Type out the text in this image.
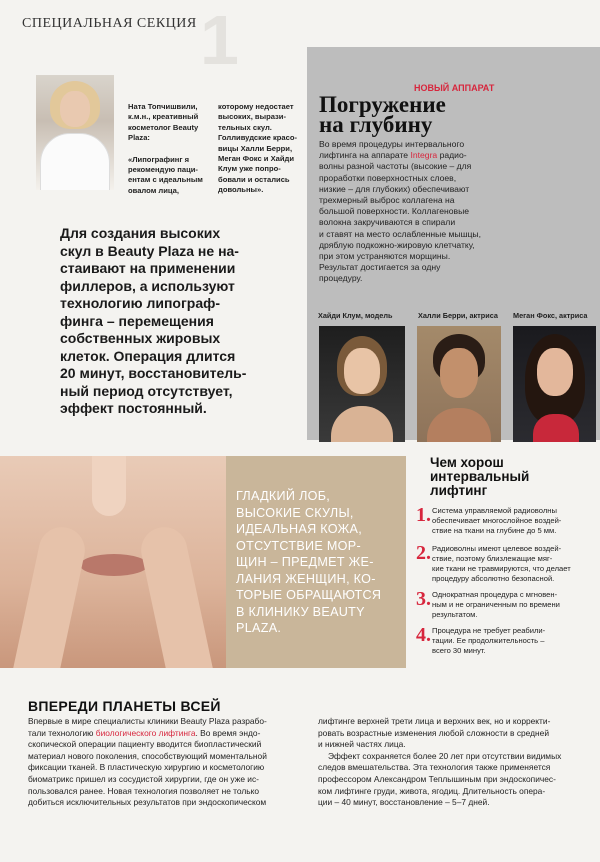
1
СПЕЦИАЛЬНАЯ СЕКЦИЯ
Ната Топчишвили,
к.м.н., креативный
косметолог Beauty
Plaza:
«Липографинг я
рекомендую паци-
ентам с идеальным
овалом лица,
которому недостает
высоких, вырази-
тельных скул.
Голливудские красо-
вицы Халли Берри,
Меган Фокс и Хайди
Клум уже попро-
бовали и остались
довольны».
Для создания высоких
скул в Beauty Plaza не на-
стаивают на применении
филлеров, а используют
технологию липограф-
финга – перемещения
собственных жировых
клеток. Операция длится
20 минут, восстановитель-
ный период отсутствует,
эффект постоянный.
НОВЫЙ АППАРАТ
Погружение
на глубину
Во время процедуры интервального
лифтинга на аппарате Integra радио-
волны разной частоты (высокие – для
проработки поверхностных слоев,
низкие – для глубоких) обеспечивают
трехмерный выброс коллагена на
большой поверхности. Коллагеновые
волокна закручиваются в спирали
и ставят на место ослабленные мышцы,
дряблую подкожно-жировую клетчатку,
при этом устраняются морщины.
Результат достигается за одну
процедуру.
Хайди Клум, модель	Халли Берри, актриса Меган Фокс, актриса
ГЛАДКИЙ ЛОБ,
ВЫСОКИЕ СКУЛЫ,
ИДЕАЛЬНАЯ КОЖА,
ОТСУТСТВИЕ МОР-
ЩИН – ПРЕДМЕТ ЖЕ-
ЛАНИЯ ЖЕНЩИН, КО-
ТОРЫЕ ОБРАЩАЮТСЯ
В КЛИНИКУ BEAUTY
PLAZA.
Чем хорош
интервальный
лифтинг
1. Система управляемой радиоволны
обеспечивает многослойное воздей-
ствие на ткани на глубине до 5 мм.
2. Радиоволны имеют целевое воздей-
ствие, поэтому близлежащие мяг-
кие ткани не травмируются, что делает
процедуру абсолютно безопасной.
3. Однократная процедура с мгновен-
ным и не ограниченным по времени
результатом.
4. Процедура не требует реабили-
тации. Ее продолжительность –
всего 30 минут.
ВПЕРЕДИ ПЛАНЕТЫ ВСЕЙ
Впервые в мире специалисты клиники Beauty Plaza разрабо-
тали технологию биологического лифтинга. Во время эндо-
скопической операции пациенту вводится биопластический
материал нового поколения, способствующий моментальной
фиксации тканей. В пластическую хирургию и косметологию
биоматрикс пришел из сосудистой хирургии, где он уже ис-
пользовался ранее. Новая технология позволяет не только
добиться исключительных результатов при эндоскопическом
лифтинге верхней трети лица и верхних век, но и корректи-
ровать возрастные изменения любой сложности в средней
и нижней частях лица.
Эффект сохраняется более 20 лет при отсутствии видимых
следов вмешательства. Эта технология также применяется
профессором Александром Теплышиным при эндоскопичес-
ком лифтинге груди, живота, ягодиц. Длительность опера-
ции – 40 минут, восстановление – 5–7 дней.
